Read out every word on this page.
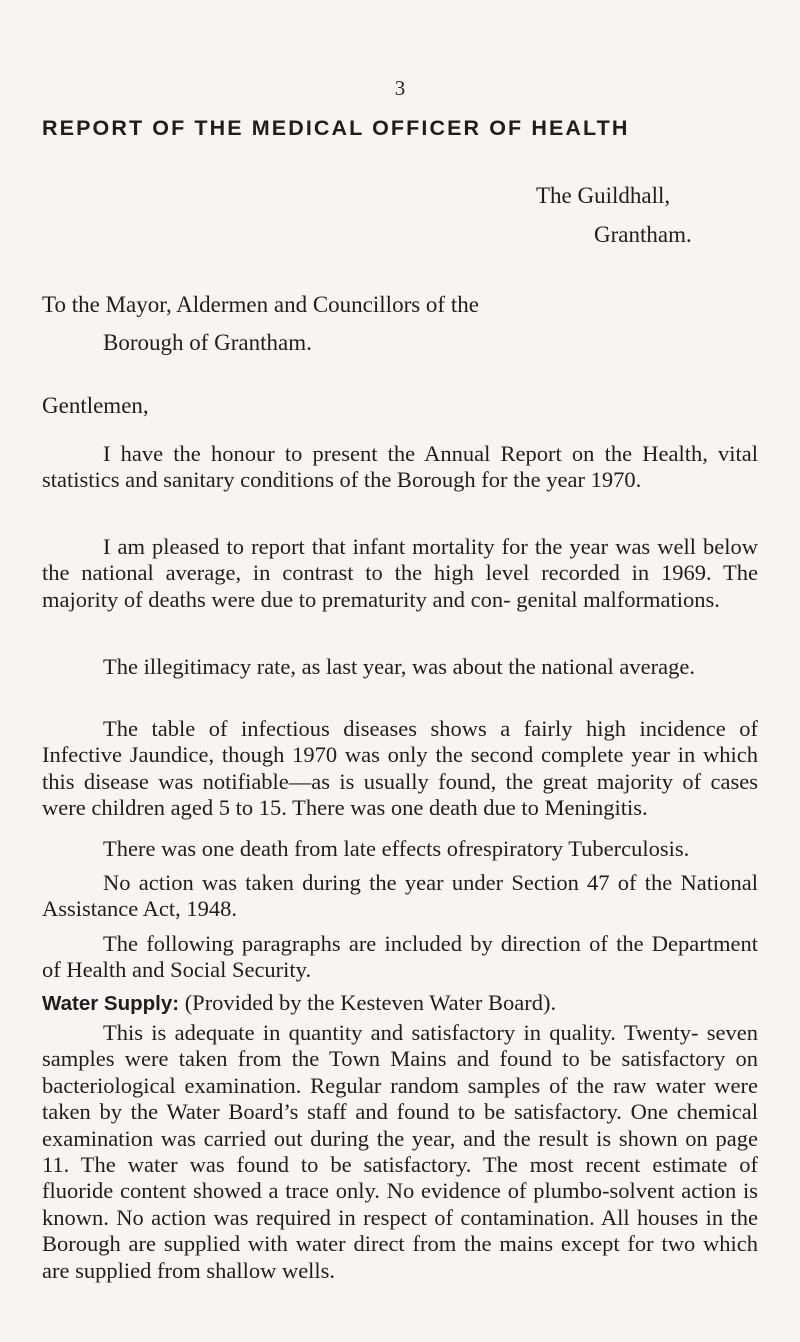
3
REPORT OF THE MEDICAL OFFICER OF HEALTH
The Guildhall,
Grantham.
To the Mayor, Aldermen and Councillors of the
Borough of Grantham.
Gentlemen,

I have the honour to present the Annual Report on the Health, vital statistics and sanitary conditions of the Borough for the year 1970.

I am pleased to report that infant mortality for the year was well below the national average, in contrast to the high level recorded in 1969. The majority of deaths were due to prematurity and con- genital malformations.

The illegitimacy rate, as last year, was about the national average.

The table of infectious diseases shows a fairly high incidence of Infective Jaundice, though 1970 was only the second complete year in which this disease was notifiable—as is usually found, the great majority of cases were children aged 5 to 15. There was one death due to Meningitis.

There was one death from late effects ofrespiratory Tuberculosis.

No action was taken during the year under Section 47 of the National Assistance Act, 1948.

The following paragraphs are included by direction of the Department of Health and Social Security.

Water Supply: (Provided by the Kesteven Water Board).

This is adequate in quantity and satisfactory in quality. Twenty- seven samples were taken from the Town Mains and found to be satisfactory on bacteriological examination. Regular random samples of the raw water were taken by the Water Board’s staff and found to be satisfactory. One chemical examination was carried out during the year, and the result is shown on page 11. The water was found to be satisfactory. The most recent estimate of fluoride content showed a trace only. No evidence of plumbo-solvent action is known. No action was required in respect of contamination. All houses in the Borough are supplied with water direct from the mains except for two which are supplied from shallow wells.
